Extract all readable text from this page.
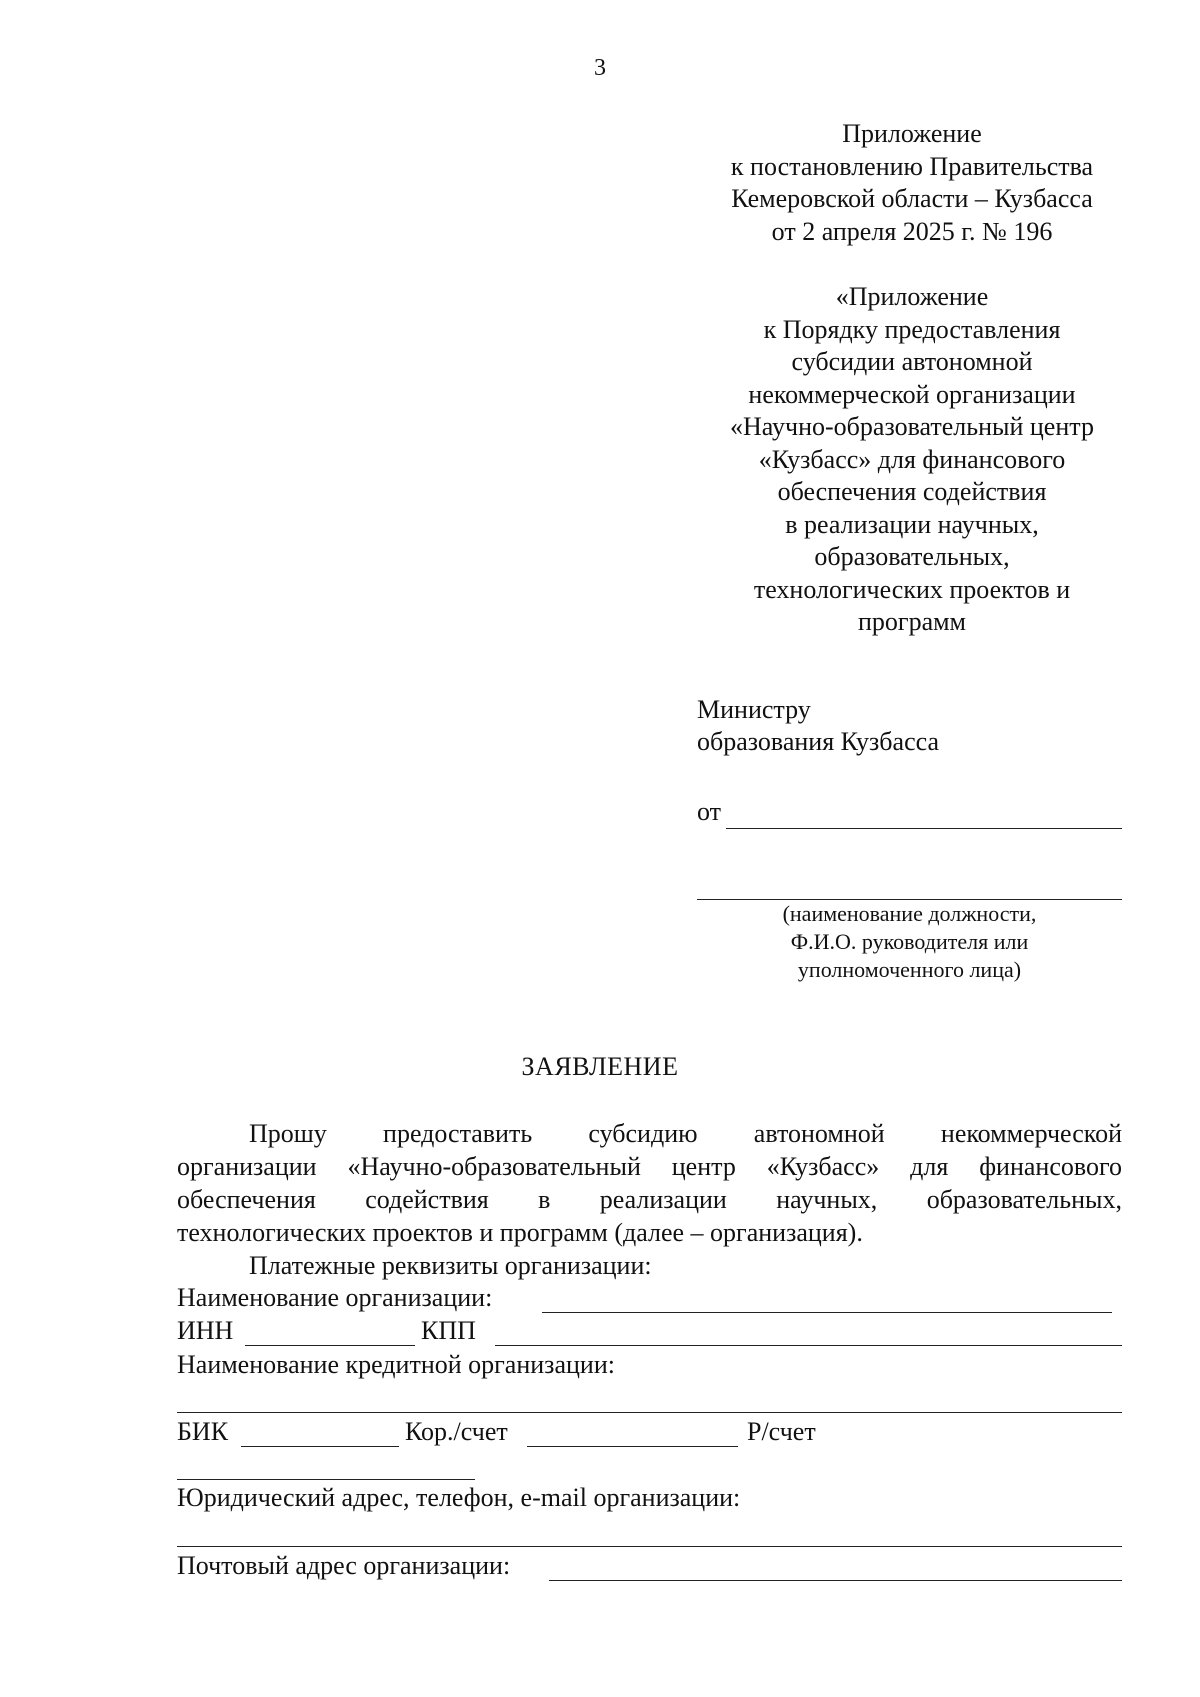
3
Приложение
к постановлению Правительства
Кемеровской области – Кузбасса
от 2 апреля 2025 г. № 196
«Приложение
к Порядку предоставления
субсидии автономной
некоммерческой организации
«Научно-образовательный центр
«Кузбасс» для финансового
обеспечения содействия
в реализации научных,
образовательных,
технологических проектов и
программ
Министру
образования Кузбасса
от
(наименование должности,
Ф.И.О. руководителя или
уполномоченного лица)
ЗАЯВЛЕНИЕ
Прошу предоставить субсидию автономной некоммерческой
организации «Научно-образовательный центр «Кузбасс» для финансового
обеспечения содействия в реализации научных, образовательных,
технологических проектов и программ (далее – организация).
Платежные реквизиты организации:
Наименование организации:
ИНН	КПП
Наименование кредитной организации:
БИК	Кор./счет	Р/счет
Юридический адрес, телефон, e-mail организации:
Почтовый адрес организации:
